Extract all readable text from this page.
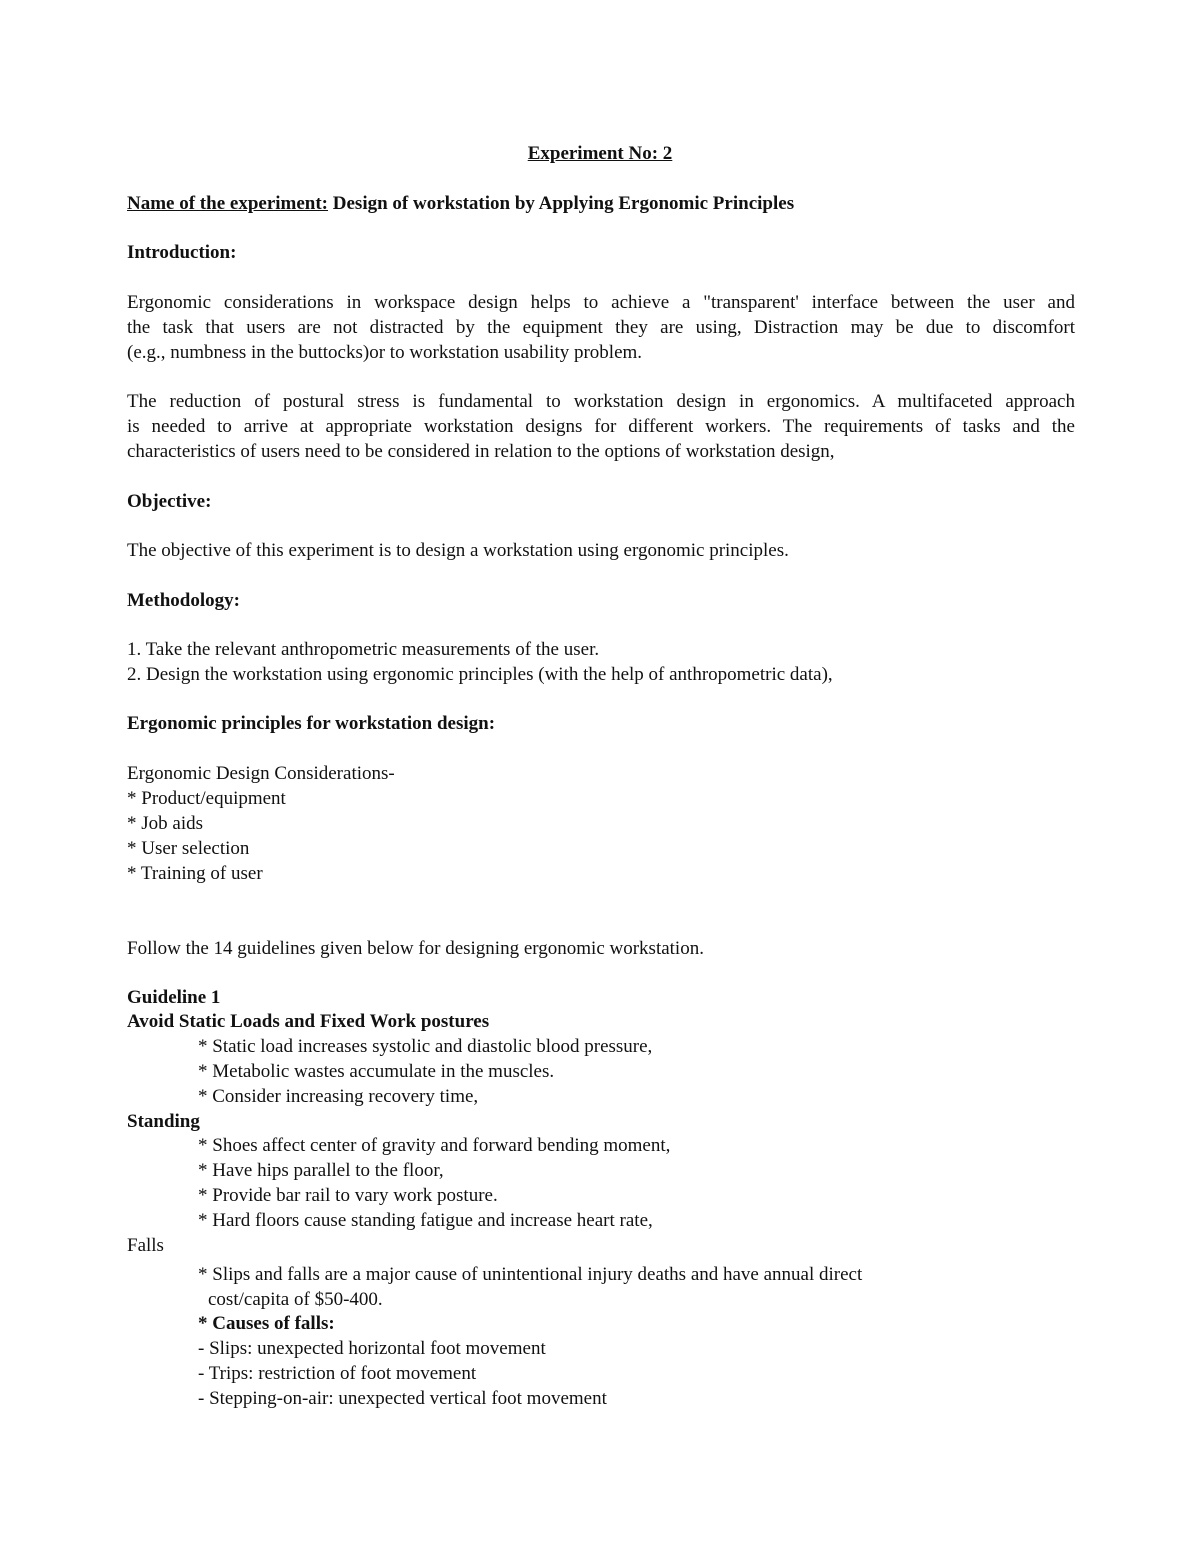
Experiment No: 2
Name of the experiment: Design of workstation by Applying Ergonomic Principles
Introduction:
Ergonomic considerations in workspace design helps to achieve a "transparent' interface between the user and
the task that users are not distracted by the equipment they are using, Distraction may be due to discomfort
(e.g., numbness in the buttocks)or to workstation usability problem.
The reduction of postural stress is fundamental to workstation design in ergonomics. A multifaceted approach
is needed to arrive at appropriate workstation designs for different workers. The requirements of tasks and the
characteristics of users need to be considered in relation to the options of workstation design,
Objective:
The objective of this experiment is to design a workstation using ergonomic principles.
Methodology:
1. Take the relevant anthropometric measurements of the user.
2. Design the workstation using ergonomic principles (with the help of anthropometric data),
Ergonomic principles for workstation design:
Ergonomic Design Considerations-
* Product/equipment
* Job aids
* User selection
* Training of user
Follow the 14 guidelines given below for designing ergonomic workstation.
Guideline 1
Avoid Static Loads and Fixed Work postures
* Static load increases systolic and diastolic blood pressure,
* Metabolic wastes accumulate in the muscles.
* Consider increasing recovery time,
Standing
* Shoes affect center of gravity and forward bending moment,
* Have hips parallel to the floor,
* Provide bar rail to vary work posture.
* Hard floors cause standing fatigue and increase heart rate,
Falls
* Slips and falls are a major cause of unintentional injury deaths and have annual direct
cost/capita of $50-400.
* Causes of falls:
- Slips: unexpected horizontal foot movement
- Trips: restriction of foot movement
- Stepping-on-air: unexpected vertical foot movement
